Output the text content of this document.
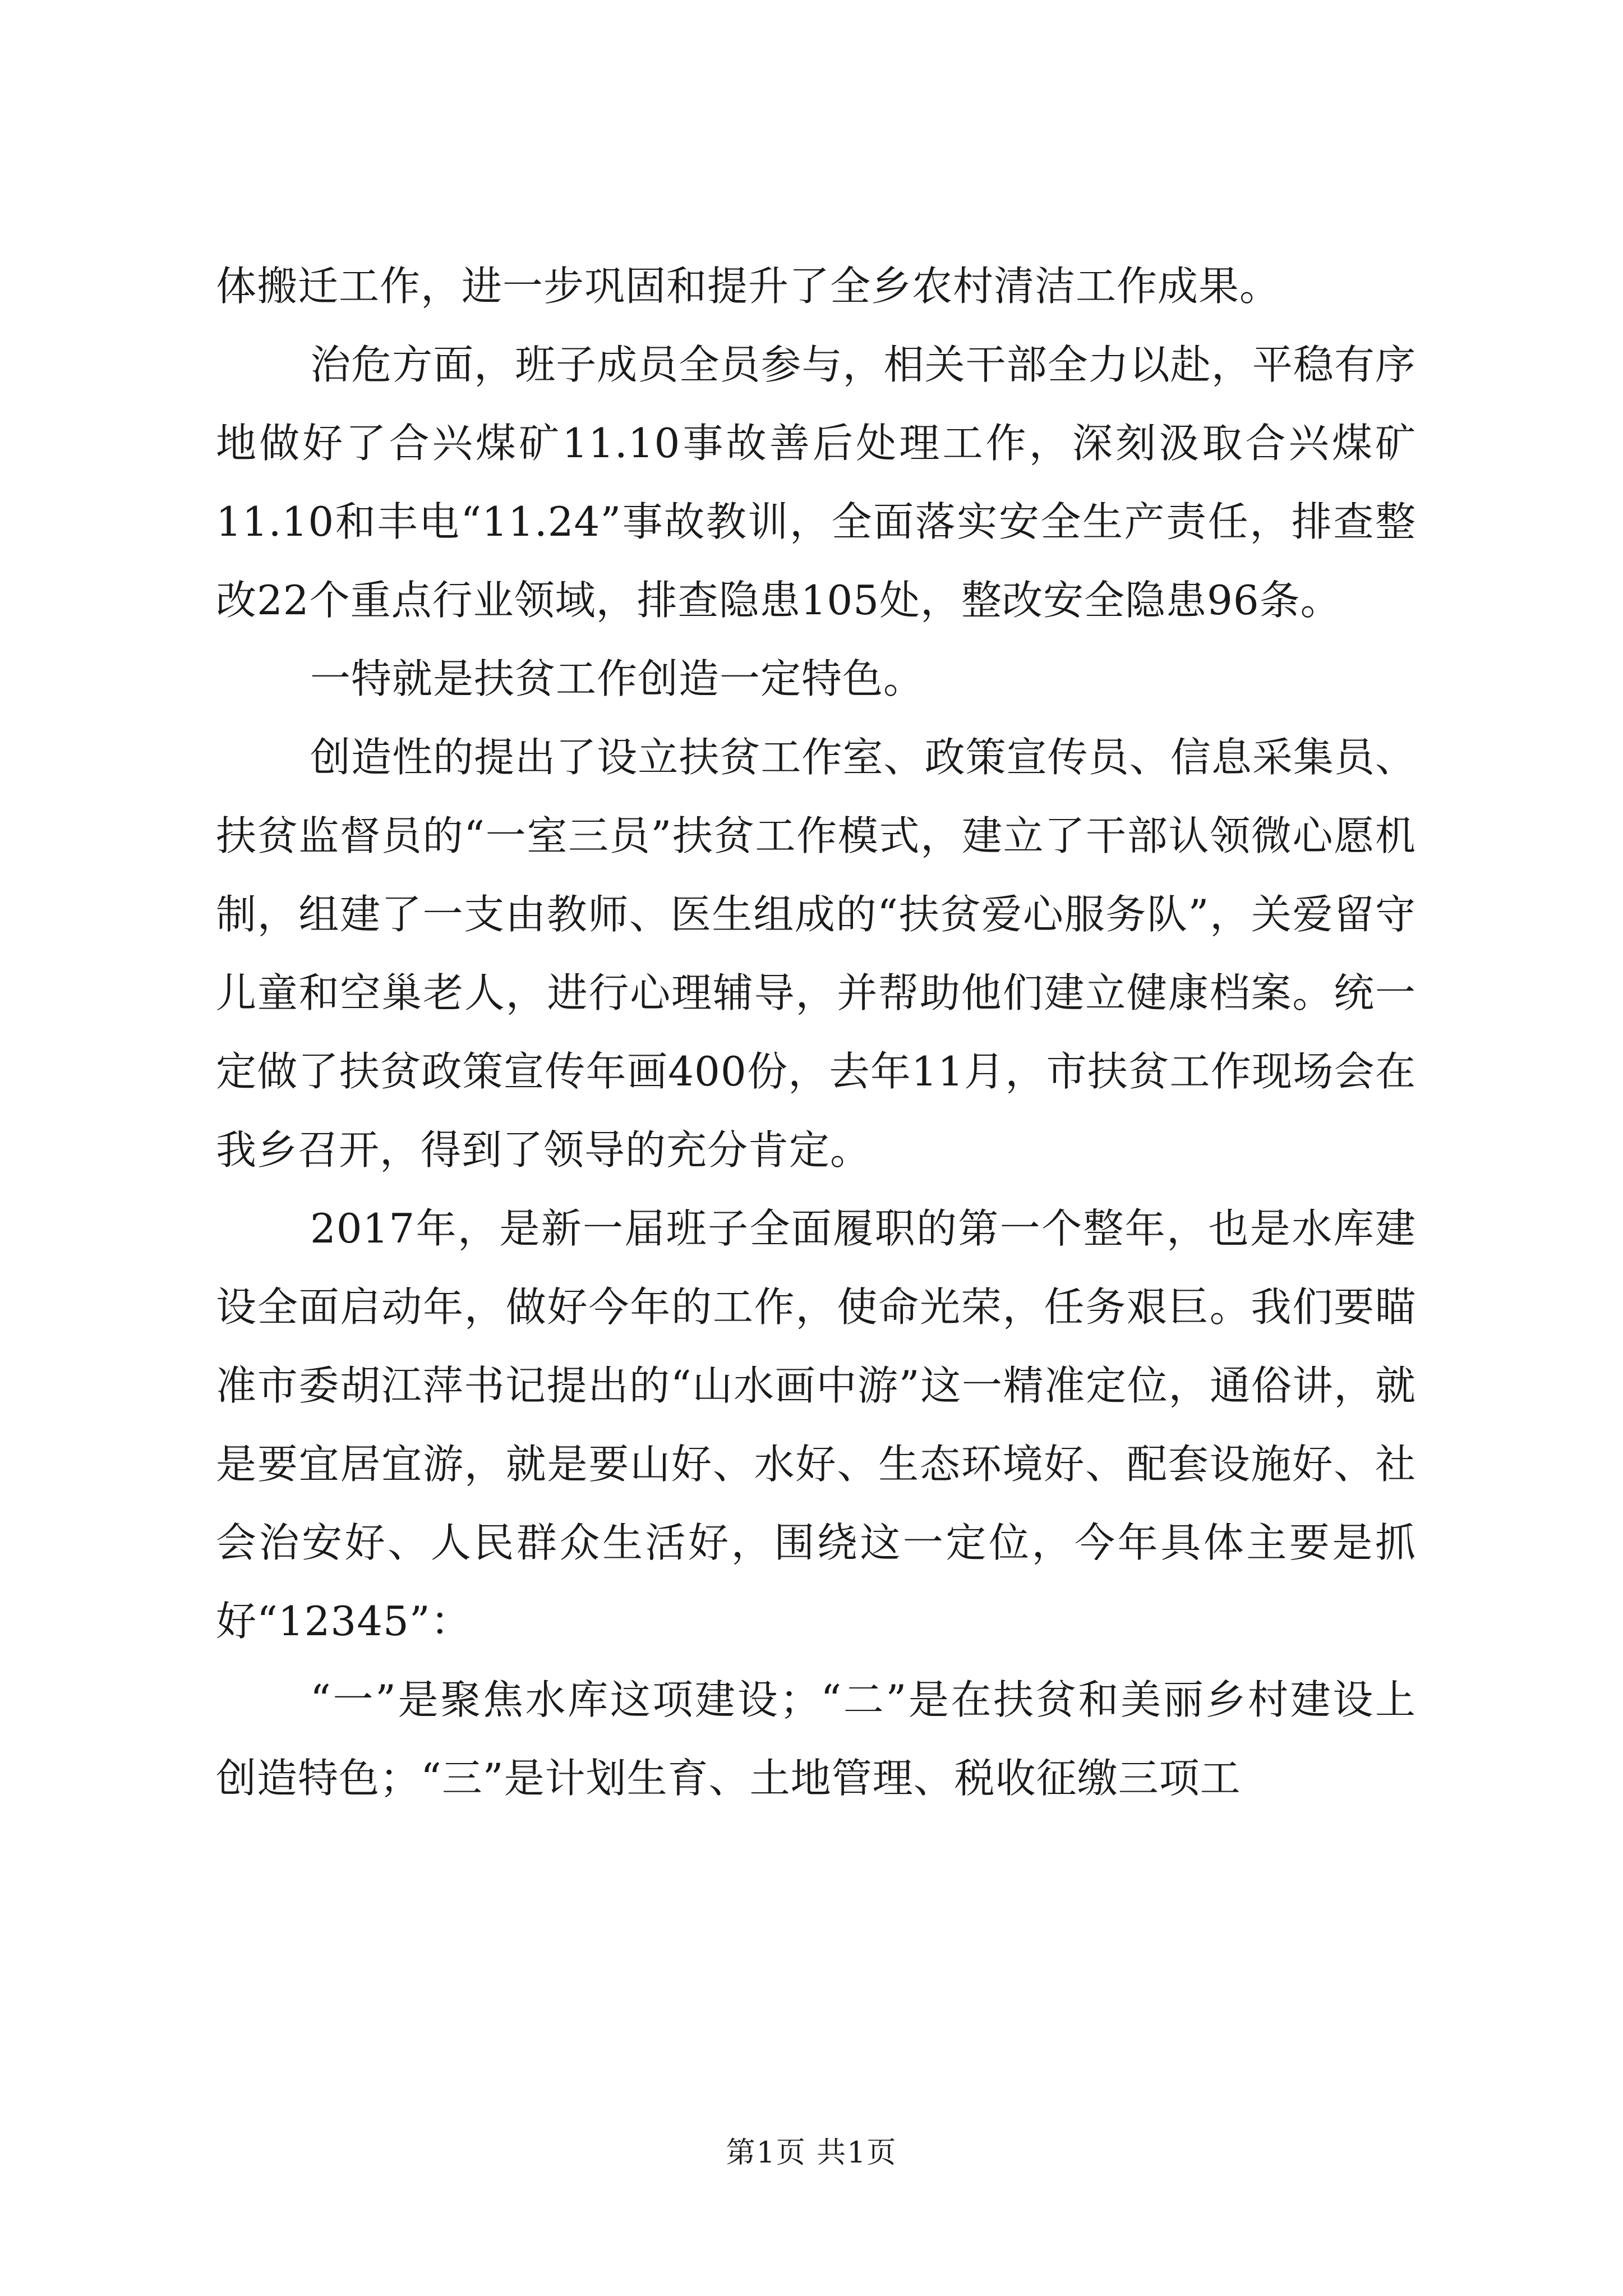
体搬迁工作，进一步巩固和提升了全乡农村清洁工作成果。

治危方面，班子成员全员参与，相关干部全力以赴，平稳有序地做好了合兴煤矿11.10事故善后处理工作，深刻汲取合兴煤矿11.10和丰电“11.24”事故教训，全面落实安全生产责任，排查整改22个重点行业领域，排查隐患105处，整改安全隐患96条。

一特就是扶贫工作创造一定特色。

创造性的提出了设立扶贫工作室、政策宣传员、信息采集员、扶贫监督员的“一室三员”扶贫工作模式，建立了干部认领微心愿机制，组建了一支由教师、医生组成的“扶贫爱心服务队”，关爱留守儿童和空巢老人，进行心理辅导，并帮助他们建立健康档案。统一定做了扶贫政策宣传年画400份，去年11月，市扶贫工作现场会在我乡召开，得到了领导的充分肯定。

2017年，是新一届班子全面履职的第一个整年，也是水库建设全面启动年，做好今年的工作，使命光荣，任务艰巨。我们要瞄准市委胡江萍书记提出的“山水画中游”这一精准定位，通俗讲，就是要宜居宜游，就是要山好、水好、生态环境好、配套设施好、社会治安好、人民群众生活好，围绕这一定位，今年具体主要是抓好“12345”：

“一”是聚焦水库这项建设；“二”是在扶贫和美丽乡村建设上创造特色；“三”是计划生育、土地管理、税收征缴三项工

第1页 共1页
